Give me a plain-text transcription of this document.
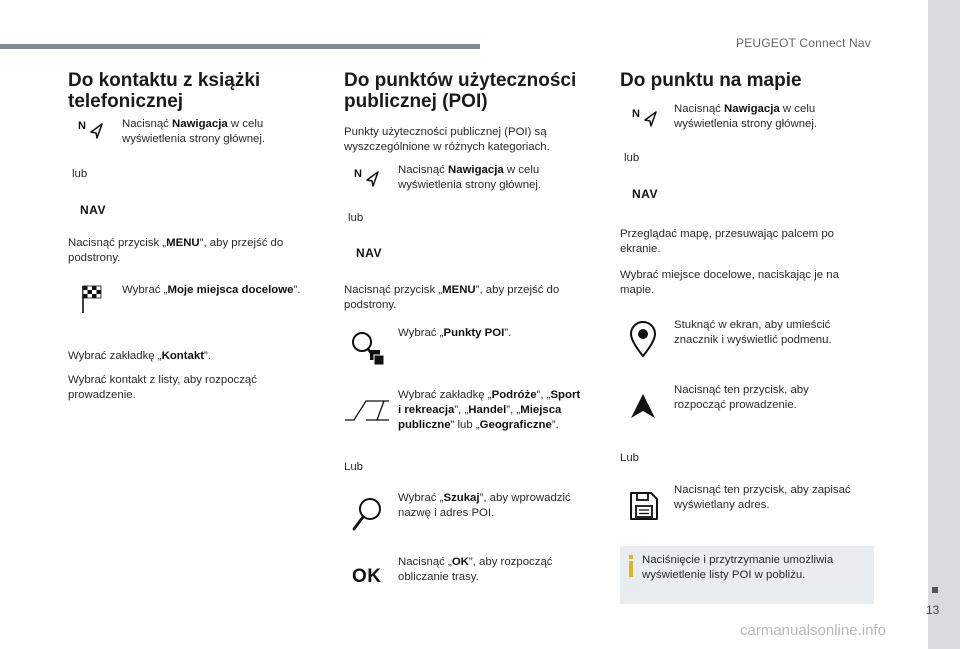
PEUGEOT Connect Nav
13
carmanualsonline.info
Do kontaktu z książki
telefonicznej
N	Nacisnąć Nawigacja w celu
wyświetlenia strony głównej.
lub
NAV
Nacisnąć przycisk „MENU”, aby przejść do
podstrony.
Wybrać „Moje miejsca docelowe”.
Wybrać zakładkę „Kontakt”.
Wybrać kontakt z listy, aby rozpocząć
prowadzenie.
Do punktów użyteczności
publicznej (POI)
Punkty użyteczności publicznej (POI) są
wyszczególnione w różnych kategoriach.
N	Nacisnąć Nawigacja w celu
wyświetlenia strony głównej.
lub
NAV
Nacisnąć przycisk „MENU”, aby przejść do
podstrony.
Wybrać „Punkty POI”.
Wybrać zakładkę „Podróże”, „Sport
i rekreacja”, „Handel”, „Miejsca
publiczne” lub „Geograficzne”.
Lub
Wybrać „Szukaj”, aby wprowadzić
nazwę i adres POI.
OK
Nacisnąć „OK”, aby rozpocząć
obliczanie trasy.
Do punktu na mapie
N	Nacisnąć Nawigacja w celu
wyświetlenia strony głównej.
lub
NAV
Przeglądać mapę, przesuwając palcem po
ekranie.
Wybrać miejsce docelowe, naciskając je na
mapie.
Stuknąć w ekran, aby umieścić
znacznik i wyświetlić podmenu.
Nacisnąć ten przycisk, aby
rozpocząć prowadzenie.
Lub
Nacisnąć ten przycisk, aby zapisać
wyświetlany adres.
Naciśnięcie i przytrzymanie umożliwia
wyświetlenie listy POI w pobliżu.
